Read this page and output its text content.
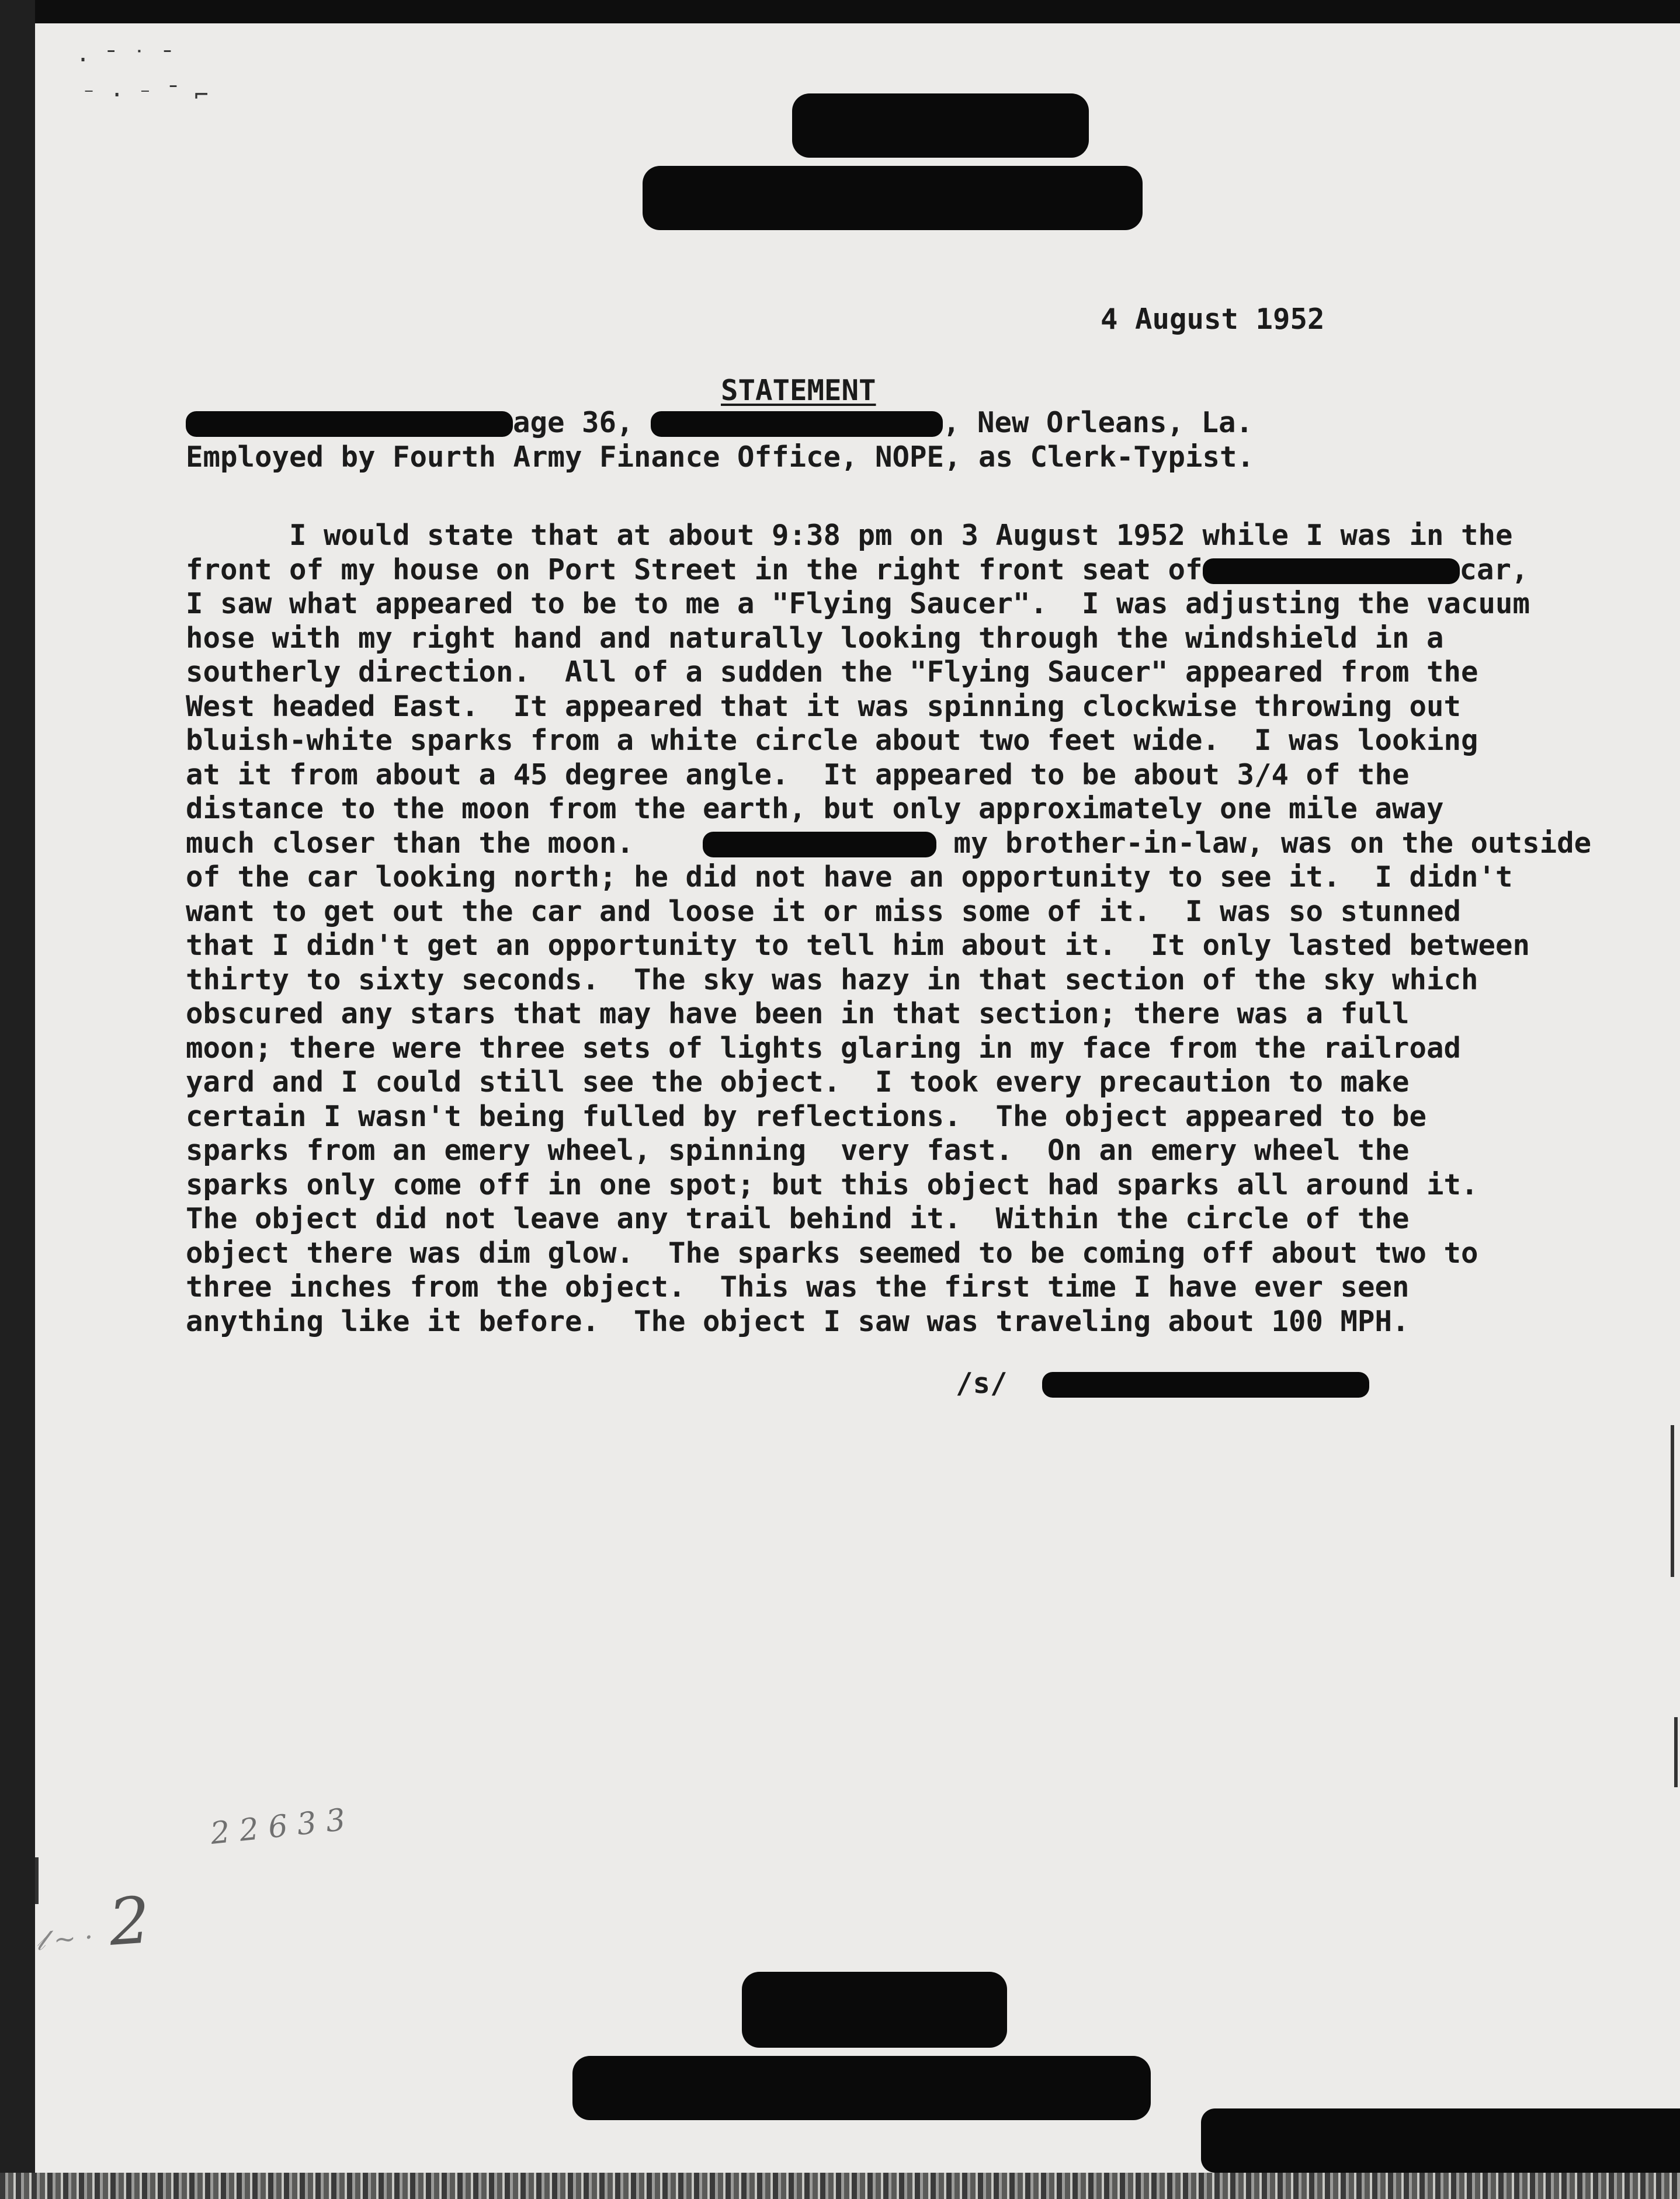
· ˉ ˙ ˉ
⁻ · ⁻ ˉ ⌐
4 August 1952
STATEMENT
age 36,	, New Orleans, La.
Employed by Fourth Army Finance Office, NOPE, as Clerk-Typist.
I would state that at about 9:38 pm on 3 August 1952 while I was in the
front of my house on Port Street in the right front seat of	car,
I saw what appeared to be to me a "Flying Saucer".  I was adjusting the vacuum
hose with my right hand and naturally looking through the windshield in a
southerly direction.  All of a sudden the "Flying Saucer" appeared from the
West headed East.  It appeared that it was spinning clockwise throwing out
bluish-white sparks from a white circle about two feet wide.  I was looking
at it from about a 45 degree angle.  It appeared to be about 3/4 of the
distance to the moon from the earth, but only approximately one mile away
much closer than the moon.	my brother-in-law, was on the outside
of the car looking north; he did not have an opportunity to see it.  I didn't
want to get out the car and loose it or miss some of it.  I was so stunned
that I didn't get an opportunity to tell him about it.  It only lasted between
thirty to sixty seconds.  The sky was hazy in that section of the sky which
obscured any stars that may have been in that section; there was a full
moon; there were three sets of lights glaring in my face from the railroad
yard and I could still see the object.  I took every precaution to make
certain I wasn't being fulled by reflections.  The object appeared to be
sparks from an emery wheel, spinning  very fast.  On an emery wheel the
sparks only come off in one spot; but this object had sparks all around it.
The object did not leave any trail behind it.  Within the circle of the
object there was dim glow.  The sparks seemed to be coming off about two to
three inches from the object.  This was the first time I have ever seen
anything like it before.  The object I saw was traveling about 100 MPH.
/s/
2 2 6 3 3
𝓁 ~ ·  2
